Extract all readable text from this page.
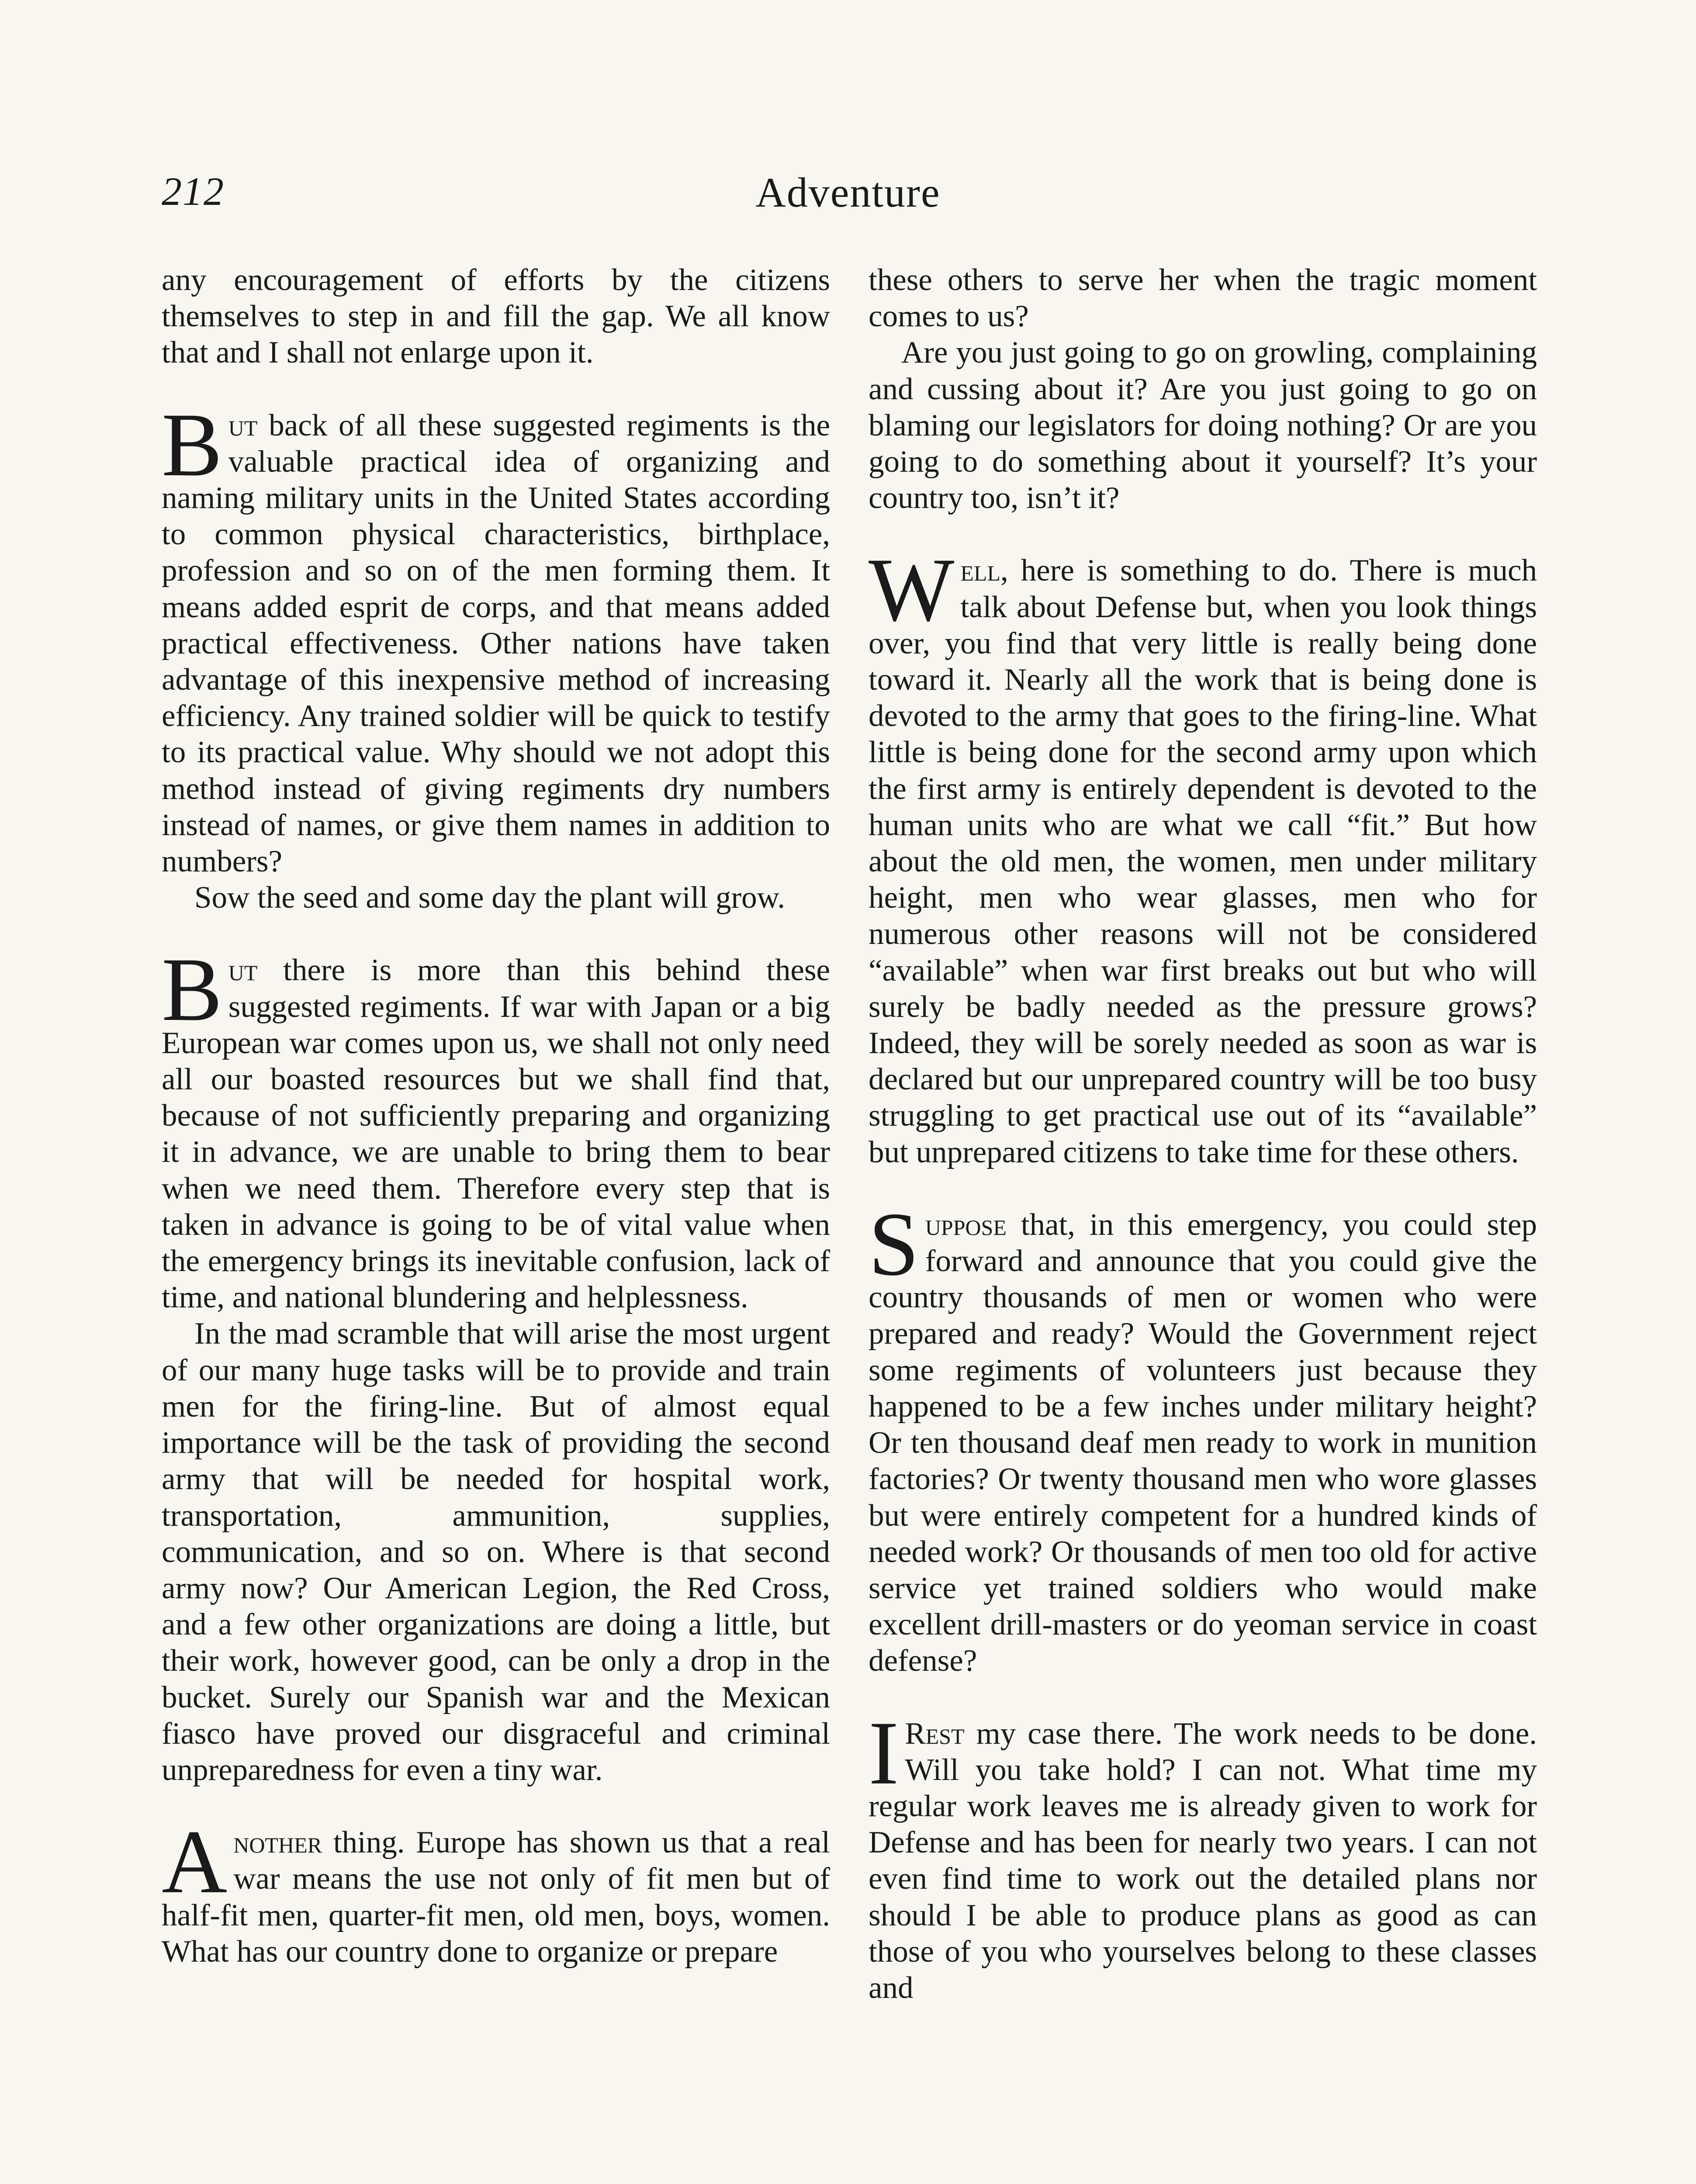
212	Adventure

any encouragement of efforts by the citizens themselves to step in and fill the gap. We all know that and I shall not enlarge upon it.

But back of all these suggested regiments is the valuable practical idea of organizing and naming military units in the United States according to common physical characteristics, birthplace, profession and so on of the men forming them. It means added esprit de corps, and that means added practical effectiveness. Other nations have taken advantage of this inexpensive method of increasing efficiency. Any trained soldier will be quick to testify to its practical value. Why should we not adopt this method instead of giving regiments dry numbers instead of names, or give them names in addition to numbers?

Sow the seed and some day the plant will grow.

But there is more than this behind these suggested regiments. If war with Japan or a big European war comes upon us, we shall not only need all our boasted resources but we shall find that, because of not sufficiently preparing and organizing it in advance, we are unable to bring them to bear when we need them. Therefore every step that is taken in advance is going to be of vital value when the emergency brings its inevitable confusion, lack of time, and national blundering and helplessness.

In the mad scramble that will arise the most urgent of our many huge tasks will be to provide and train men for the firing-line. But of almost equal importance will be the task of providing the second army that will be needed for hospital work, transportation, ammunition, supplies, communication, and so on. Where is that second army now? Our American Legion, the Red Cross, and a few other organizations are doing a little, but their work, however good, can be only a drop in the bucket. Surely our Spanish war and the Mexican fiasco have proved our disgraceful and criminal unpreparedness for even a tiny war.

Another thing. Europe has shown us that a real war means the use not only of fit men but of half-fit men, quarter-fit men, old men, boys, women. What has our country done to organize or prepare

these others to serve her when the tragic moment comes to us?

Are you just going to go on growling, complaining and cussing about it? Are you just going to go on blaming our legislators for doing nothing? Or are you going to do something about it yourself? It’s your country too, isn’t it?

Well, here is something to do. There is much talk about Defense but, when you look things over, you find that very little is really being done toward it. Nearly all the work that is being done is devoted to the army that goes to the firing-line. What little is being done for the second army upon which the first army is entirely dependent is devoted to the human units who are what we call “fit.” But how about the old men, the women, men under military height, men who wear glasses, men who for numerous other reasons will not be considered “available” when war first breaks out but who will surely be badly needed as the pressure grows? Indeed, they will be sorely needed as soon as war is declared but our unprepared country will be too busy struggling to get practical use out of its “available” but unprepared citizens to take time for these others.

Suppose that, in this emergency, you could step forward and announce that you could give the country thousands of men or women who were prepared and ready? Would the Government reject some regiments of volunteers just because they happened to be a few inches under military height? Or ten thousand deaf men ready to work in munition factories? Or twenty thousand men who wore glasses but were entirely competent for a hundred kinds of needed work? Or thousands of men too old for active service yet trained soldiers who would make excellent drill-masters or do yeoman service in coast defense?

IRest my case there. The work needs to be done. Will you take hold? I can not. What time my regular work leaves me is already given to work for Defense and has been for nearly two years. I can not even find time to work out the detailed plans nor should I be able to produce plans as good as can those of you who yourselves belong to these classes and
